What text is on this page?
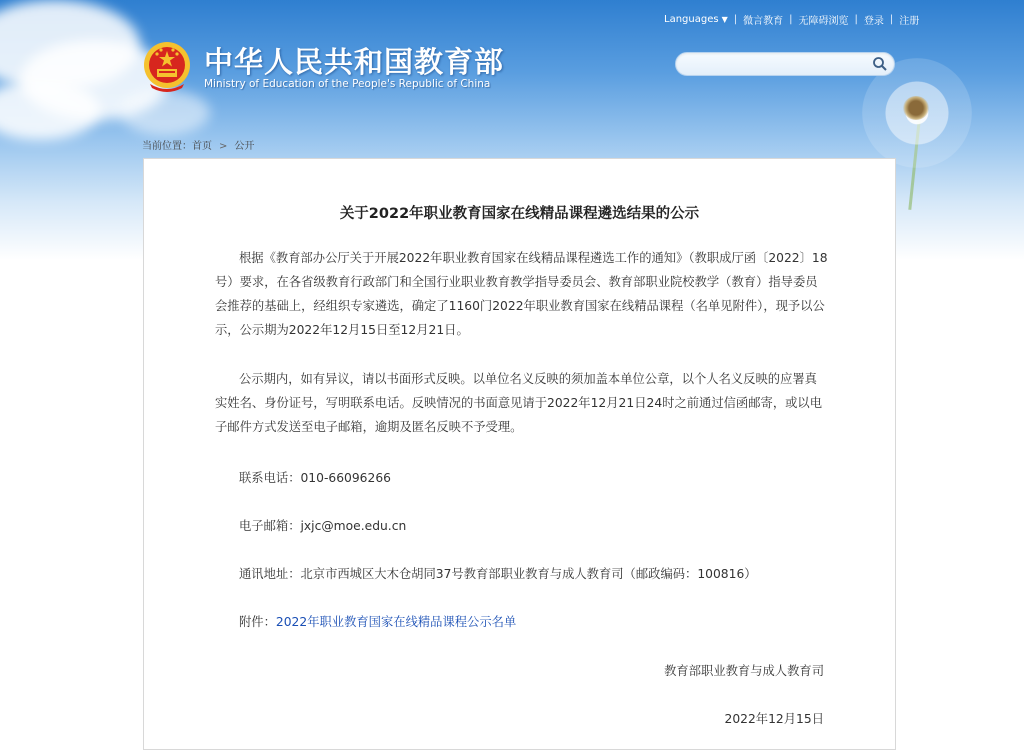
Languages ▼ | 微言教育 | 无障碍浏览 | 登录 | 注册
中华人民共和国教育部
Ministry of Education of the People's Republic of China
当前位置：首页 > 公开
关于2022年职业教育国家在线精品课程遴选结果的公示

根据《教育部办公厅关于开展2022年职业教育国家在线精品课程遴选工作的通知》（教职成厅函〔2022〕18号）要求，在各省级教育行政部门和全国行业职业教育教学指导委员会、教育部职业院校教学（教育）指导委员会推荐的基础上，经组织专家遴选，确定了1160门2022年职业教育国家在线精品课程（名单见附件），现予以公示，公示期为2022年12月15日至12月21日。

公示期内，如有异议，请以书面形式反映。以单位名义反映的须加盖本单位公章，以个人名义反映的应署真实姓名、身份证号，写明联系电话。反映情况的书面意见请于2022年12月21日24时之前通过信函邮寄，或以电子邮件方式发送至电子邮箱，逾期及匿名反映不予受理。

联系电话：010-66096266
电子邮箱：jxjc@moe.edu.cn
通讯地址：北京市西城区大木仓胡同37号教育部职业教育与成人教育司（邮政编码：100816）
附件：2022年职业教育国家在线精品课程公示名单
教育部职业教育与成人教育司
2022年12月15日
